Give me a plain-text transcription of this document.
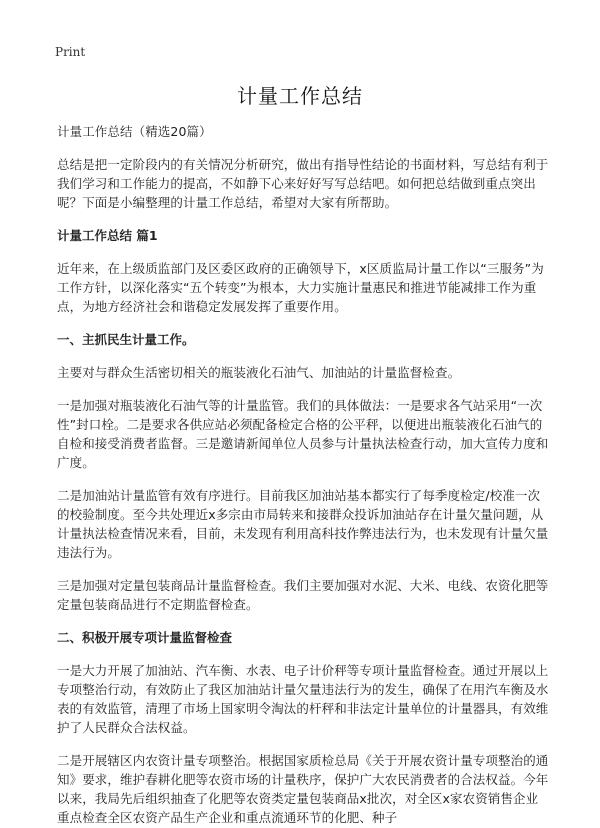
Print
计量工作总结

计量工作总结（精选20篇）

总结是把一定阶段内的有关情况分析研究，做出有指导性结论的书面材料，写总结有利于我们学习和工作能力的提高，不如静下心来好好写写总结吧。如何把总结做到重点突出呢？下面是小编整理的计量工作总结，希望对大家有所帮助。

计量工作总结 篇1

近年来，在上级质监部门及区委区政府的正确领导下，x区质监局计量工作以“三服务”为工作方针，以深化落实“五个转变”为根本，大力实施计量惠民和推进节能减排工作为重点，为地方经济社会和谐稳定发展发挥了重要作用。

一、主抓民生计量工作。

主要对与群众生活密切相关的瓶装液化石油气、加油站的计量监督检查。

一是加强对瓶装液化石油气等的计量监管。我们的具体做法：一是要求各气站采用“一次性”封口栓。二是要求各供应站必须配备检定合格的公平秤，以便进出瓶装液化石油气的自检和接受消费者监督。三是邀请新闻单位人员参与计量执法检查行动，加大宣传力度和广度。

二是加油站计量监管有效有序进行。目前我区加油站基本都实行了每季度检定/校准一次的校验制度。至今共处理近x多宗由市局转来和接群众投诉加油站存在计量欠量问题，从计量执法检查情况来看，目前，未发现有利用高科技作弊违法行为，也未发现有计量欠量违法行为。

三是加强对定量包装商品计量监督检查。我们主要加强对水泥、大米、电线、农资化肥等定量包装商品进行不定期监督检查。

二、积极开展专项计量监督检查

一是大力开展了加油站、汽车衡、水表、电子计价秤等专项计量监督检查。通过开展以上专项整治行动，有效防止了我区加油站计量欠量违法行为的发生，确保了在用汽车衡及水表的有效监管，清理了市场上国家明令淘汰的杆秤和非法定计量单位的计量器具，有效维护了人民群众合法权益。

二是开展辖区内农资计量专项整治。根据国家质检总局《关于开展农资计量专项整治的通知》要求，维护春耕化肥等农资市场的计量秩序，保护广大农民消费者的合法权益。今年以来，我局先后组织抽查了化肥等农资类定量包装商品x批次，对全区x家农资销售企业重点检查全区农资产品生产企业和重点流通环节的化肥、种子
